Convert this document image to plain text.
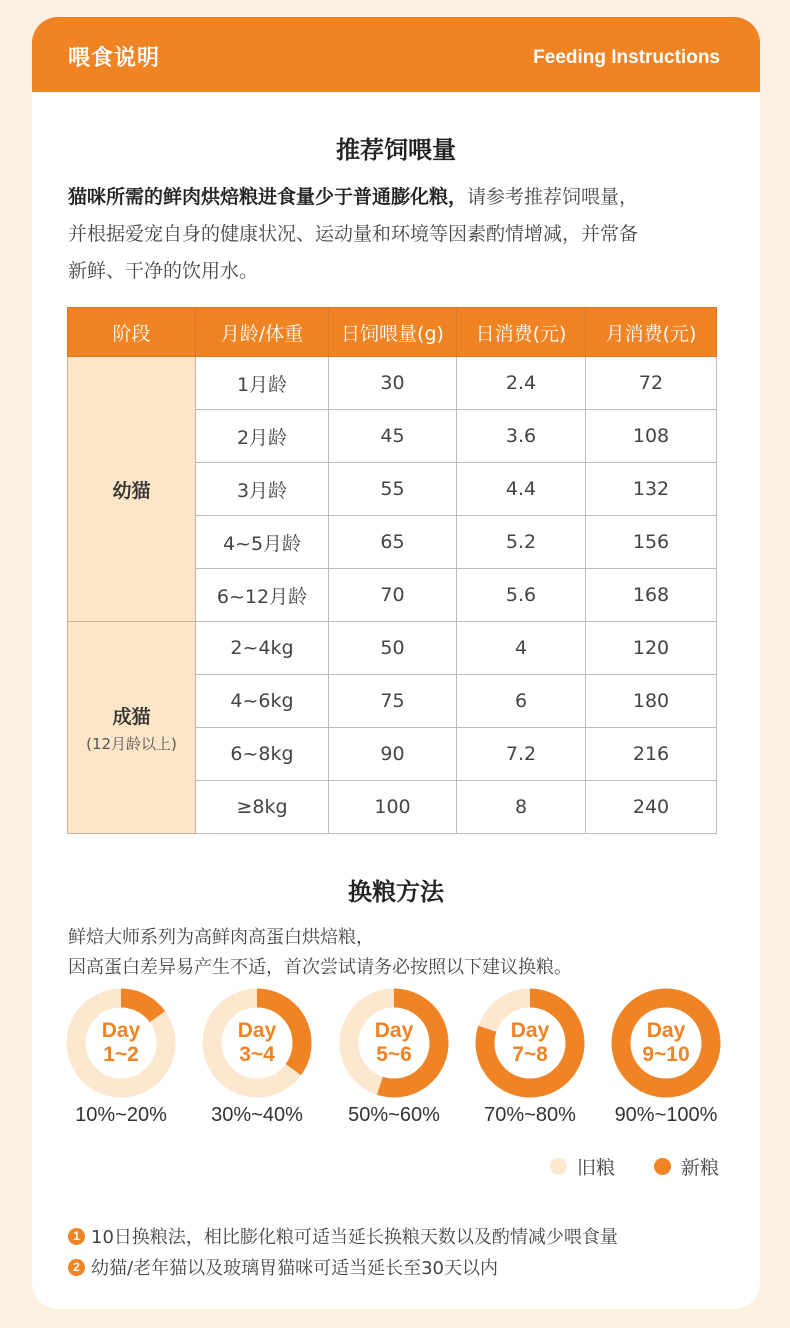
喂食说明	Feeding Instructions
推荐饲喂量
猫咪所需的鲜肉烘焙粮进食量少于普通膨化粮，请参考推荐饲喂量，
并根据爱宠自身的健康状况、运动量和环境等因素酌情增减，并常备
新鲜、干净的饮用水。
阶段	月龄/体重	日饲喂量(g)	日消费(元)	月消费(元)
幼猫	1月龄	30	2.4	72
	2月龄	45	3.6	108
	3月龄	55	4.4	132
	4~5月龄	65	5.2	156
	6~12月龄	70	5.6	168
成猫
(12月龄以上)	2~4kg	50	4	120
	4~6kg	75	6	180
	6~8kg	90	7.2	216
	≥8kg	100	8	240
换粮方法
鲜焙大师系列为高鲜肉高蛋白烘焙粮，
因高蛋白差异易产生不适，首次尝试请务必按照以下建议换粮。
Day
1~2
Day
3~4
Day
5~6
Day
7~8
Day
9~10
10%~20%	30%~40%	50%~60%	70%~80%	90%~100%
旧粮	新粮
1 10日换粮法，相比膨化粮可适当延长换粮天数以及酌情减少喂食量
2 幼猫/老年猫以及玻璃胃猫咪可适当延长至30天以内
